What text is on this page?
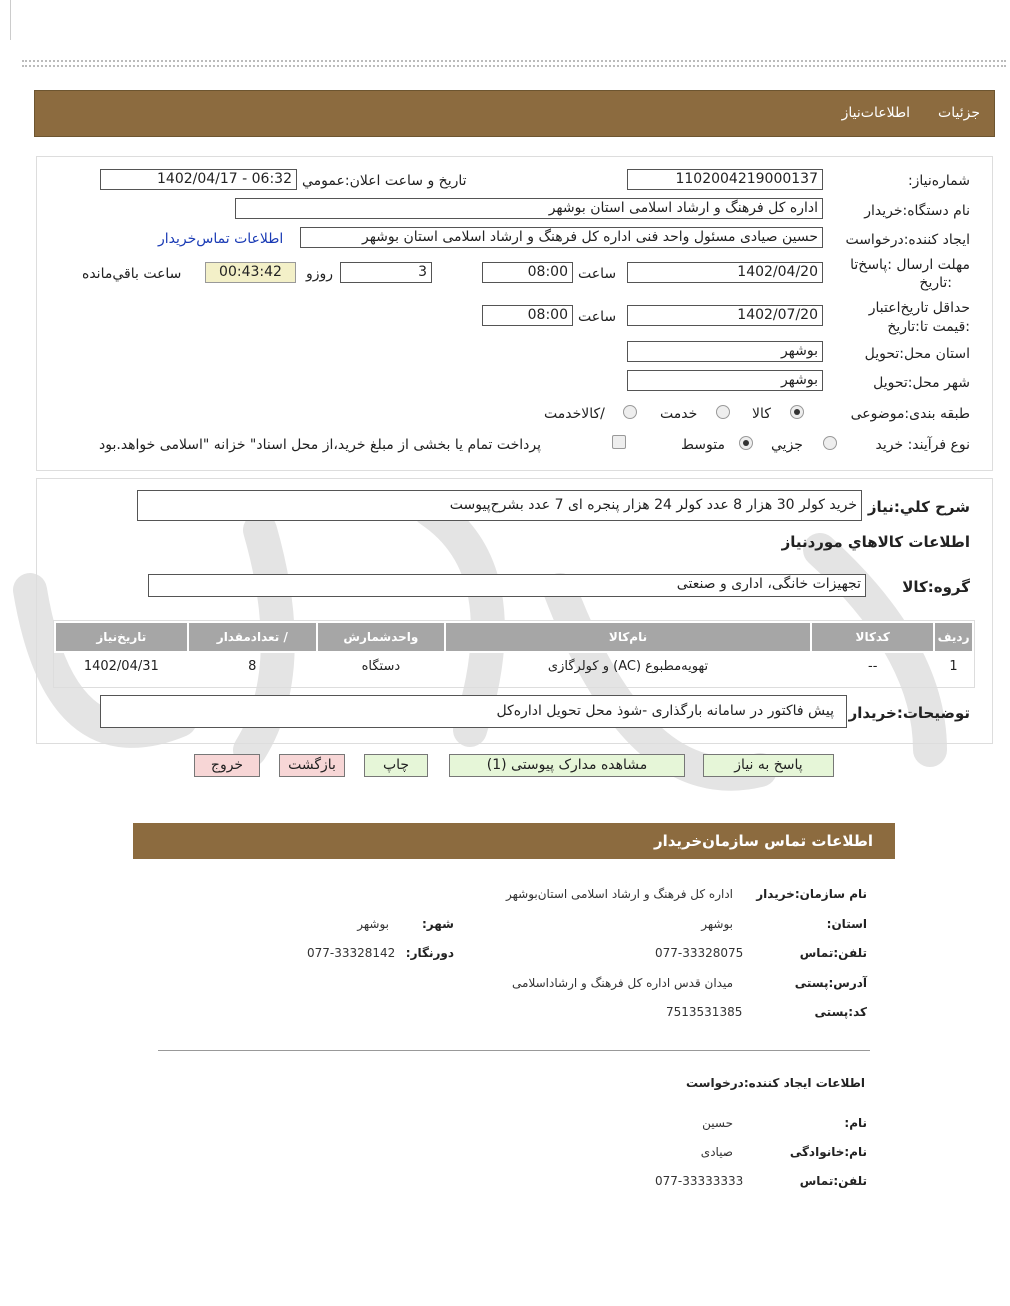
جزئیات
اطلاعات‌نیاز
شماره‌نیاز:
1102004219000137
تاریخ و ساعت اعلان:عمومي
1402/04/17 - 06:32
نام دستگاه:خریدار
اداره کل فرهنگ و ارشاد اسلامی استان بوشهر
ایجاد کننده:درخواست
حسین صیادی مسئول واحد فنی اداره کل فرهنگ و ارشاد اسلامی استان بوشهر
اطلاعات تماس‌خریدار
مهلت ارسال :پاسخ‌تا
:تاریخ
1402/04/20
ساعت
08:00
3
روزو
00:43:42
ساعت باقي‌مانده
حداقل تاریخ‌اعتبار
:قیمت تا:تاریخ
1402/07/20
ساعت
08:00
استان محل:تحویل
بوشهر
شهر محل:تحویل
بوشهر
طبقه بندی:موضوعی
کالا
خدمت
/کالاخدمت
نوع فرآیند: خرید
جزیي
متوسط
پرداخت تمام یا بخشی از مبلغ خرید،از محل اسناد" خزانه "اسلامی خواهد.بود
شرح کلي:نیاز
خرید کولر 30 هزار 8 عدد کولر 24 هزار پنجره ای 7 عدد بشرح‌پیوست
اطلاعات کالاهاي موردنیاز
گروه:کالا
تجهیزات خانگی، اداری و صنعتی
ردیف	کدکالا	نام‌کالا	واحدشمارش	/ تعدادمقدار	تاریخ‌نیاز
1	--	تهویه‌مطبوع (AC) و کولرگازی	دستگاه	8	1402/04/31
توضیحات:خریدار
پیش فاکتور در سامانه بارگذاری -شوذ محل تحویل اداره‌کل
پاسخ به نیاز
مشاهده مدارک پیوستی (1)
چاپ
بازگشت
خروج
اطلاعات تماس سازمان‌خریدار
نام سازمان:خریدار
اداره کل فرهنگ و ارشاد اسلامی استان‌بوشهر
استان:
بوشهر
شهر:
بوشهر
تلفن:تماس
077-33328075
دورنگار:
077-33328142
آدرس:پستی
میدان قدس اداره کل فرهنگ و ارشاداسلامی
کد:پستی
7513531385
اطلاعات ایجاد کننده:درخواست
نام:
حسین
نام:خانوادگی
صیادی
تلفن:تماس
077-33333333
